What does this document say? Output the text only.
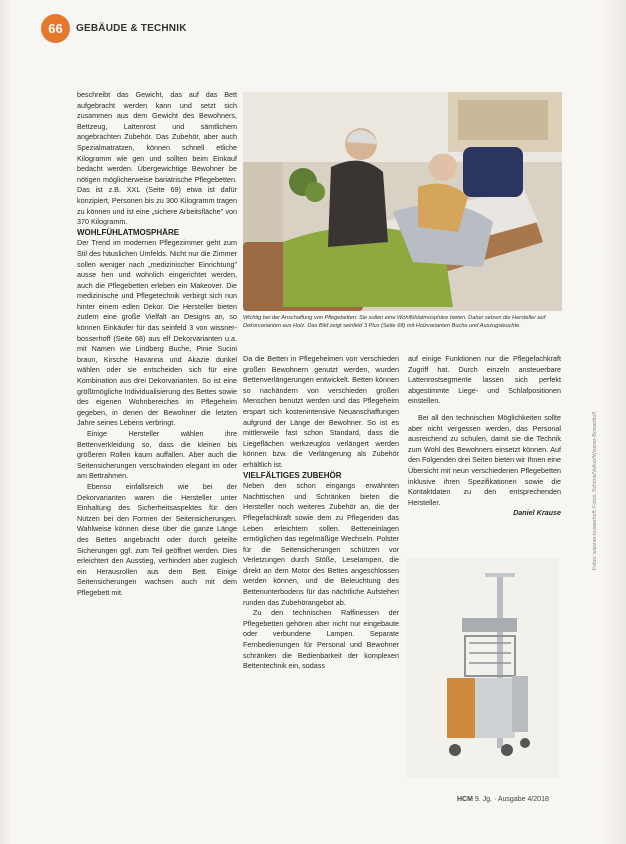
66 GEBÄUDE & TECHNIK

beschreibt das Gewicht, das auf das Bett aufgebracht werden kann und setzt sich zusammen aus dem Gewicht des Bewohners, Bettzeug, Lattenrost und sämtlichem angebrachten Zubehör. Das Zubehör, aber auch Spezialmatratzen, können schnell etliche Kilogramm wie gen und sollten beim Einkauf bedacht werden. Übergewichtige Bewohner be nötigen möglicherweise bariatrische Pflegebetten. Das ist z.B. XXL (Seite 69) etwa ist dafür konzipiert, Personen bis zu 300 Kilogramm tragen zu können und ist eine „sichere Arbeitsfläche" von 370 Kilogramm.

WOHLFÜHLATMOSPHÄRE

Der Trend im modernen Pflegezimmer geht zum Stil des häuslichen Umfelds. Nicht nur die Zimmer sollen weniger nach „medizinischer Einrichtung" ausse hen und wohnlich eingerichtet werden, auch die Pflegebetten erleben ein Makeover. Die medizinische und Pflegetechnik verbirgt sich nun hinter einem edlen Dekor. Die Hersteller bieten zudem eine große Vielfalt an Designs an, so können Einkäufer für das seinfeld 3 von wissner-bosserhoff (Seite 68) aus elf Dekorvarianten u.a. mit Namen wie Lindberg Buche, Pinie Sucini braun, Kirsche Havanna und Akazie dunkel wählen oder sie entscheiden sich für eine Kombination aus drei Dekorvarianten. So ist eine größtmögliche Individualisierung des Bettes sowie des eigenen Wohnbereiches im Pflegeheim gegeben, in denen der Bewohner die letzten Jahre seines Lebens verbringt.

Einige Hersteller wählen ihre Bettenverkleidung so, dass die kleinen bis größeren Rollen kaum auffallen. Aber auch die Seitensicherungen verschwinden elegant im oder am Bettrahmen.

Ebenso einfallsreich wie bei der Dekorvarianten waren die Hersteller unter Einhaltung des Sicherheitsaspektes für den Nutzen bei den Formen der Seitensicherungen. Wahlweise können diese über die ganze Länge des Bettes angebracht oder durch geteilte Sicherungen ggf. zum Teil geöffnet werden. Dies erleichtert den Ausstieg, verhindert aber zugleich ein Herausrollen aus dem Bett. Einige Seitensicherungen wachsen auch mit dem Pflegebett mit.

Wichtig bei der Anschaffung von Pflegebetten: Sie sollen eine Wohlfühlatmosphäre bieten. Daher setzen die Hersteller auf Dekorvarianten aus Holz. Das Bild zeigt seinfeld 3 Plus (Seite 68) mit Holzvarianten Buche und Auszugsleuchte.

Da die Betten in Pflegeheimen von verschieden großen Bewohnern genutzt werden, wurden Bettenverlängerungen entwickelt. Betten können so nachändern von verschieden großen Menschen benutzt werden und das Pflegeheim erspart sich kostenintensive Neuanschaffungen aufgrund der Länge der Bewohner. So ist es mittlerweile fast schon Standard, dass die Liegeflächen werkzeuglos verlängert werden können bzw. die Verlängerung als Zubehör erhältlich ist.

VIELFÄLTIGES ZUBEHÖR

Neben den schon eingangs erwähnten Nachttischen und Schränken bieten die Hersteller noch weiteres Zubehör an, die der Pflegefachkraft sowie dem zu Pflegenden das Leben erleichtern sollen. Betteneinlagen ermöglichen das regelmäßige Wechseln. Polster für die Seitensicherungen schützen vor Verletzungen durch Stöße, Leselampen, die direkt an dem Motor des Bettes angeschlossen werden können, und die Beleuchtung des Bettenunterbodens für das nächtliche Aufstehen runden das Zubehörangebot ab.

Zu den technischen Raffinessen der Pflegebetten gehören aber nicht nur eingebaute oder verbundene Lampen. Separate Fernbedienungen für Personal und Bewohner schränken die Bedienbarkeit der komplexen Bettentechnik ein, sodass

auf einige Funktionen nur die Pflegefachkraft Zugriff hat. Durch einzeln ansteuerbare Lattenrostsegmente lassen sich perfekt abgestimmte Liege- und Schlafpositionen einstellen.

Bei all den technischen Möglichkeiten sollte aber nicht vergessen werden, das Personal ausreichend zu schulen, damit sie die Technik zum Wohl des Bewohners einsetzt können. Auf den Folgenden drei Seiten bieten wir Ihnen eine Übersicht mit neun verschiedenen Pflegebetten inklusive ihren Spezifikationen sowie die Kontaktdaten zu den entsprechenden Hersteller.

Daniel Krause	Fotos: wissner-bosserhoff; Fotos: Schöne/Volker/Wissner-Bosserhoff
HCM 9. Jg. · Ausgabe 4/2018
